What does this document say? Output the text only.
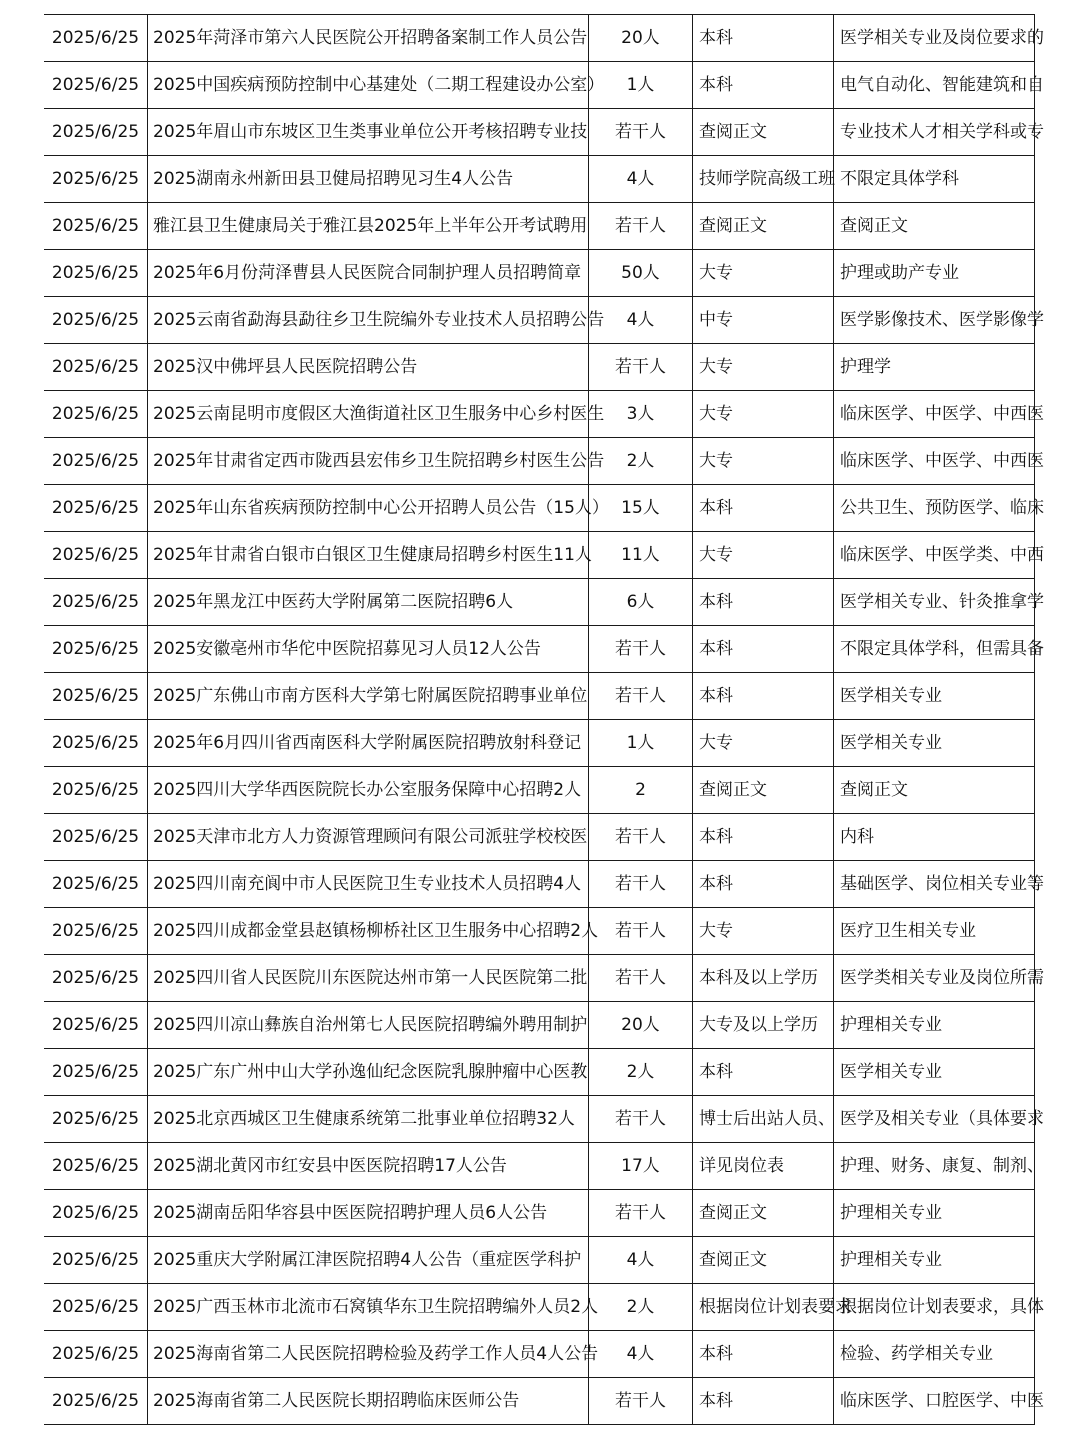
2025/6/25	2025年菏泽市第六人民医院公开招聘备案制工作人员公告	20人	本科	医学相关专业及岗位要求的
2025/6/25	2025中国疾病预防控制中心基建处（二期工程建设办公室）	1人	本科	电气自动化、智能建筑和自
2025/6/25	2025年眉山市东坡区卫生类事业单位公开考核招聘专业技	若干人	查阅正文	专业技术人才相关学科或专
2025/6/25	2025湖南永州新田县卫健局招聘见习生4人公告	4人	技师学院高级工班	不限定具体学科
2025/6/25	雅江县卫生健康局关于雅江县2025年上半年公开考试聘用	若干人	查阅正文	查阅正文
2025/6/25	2025年6月份菏泽曹县人民医院合同制护理人员招聘简章	50人	大专	护理或助产专业
2025/6/25	2025云南省勐海县勐往乡卫生院编外专业技术人员招聘公告	4人	中专	医学影像技术、医学影像学
2025/6/25	2025汉中佛坪县人民医院招聘公告	若干人	大专	护理学
2025/6/25	2025云南昆明市度假区大渔街道社区卫生服务中心乡村医生	3人	大专	临床医学、中医学、中西医
2025/6/25	2025年甘肃省定西市陇西县宏伟乡卫生院招聘乡村医生公告	2人	大专	临床医学、中医学、中西医
2025/6/25	2025年山东省疾病预防控制中心公开招聘人员公告（15人）	15人	本科	公共卫生、预防医学、临床
2025/6/25	2025年甘肃省白银市白银区卫生健康局招聘乡村医生11人	11人	大专	临床医学、中医学类、中西
2025/6/25	2025年黑龙江中医药大学附属第二医院招聘6人	6人	本科	医学相关专业、针灸推拿学
2025/6/25	2025安徽亳州市华佗中医院招募见习人员12人公告	若干人	本科	不限定具体学科，但需具备
2025/6/25	2025广东佛山市南方医科大学第七附属医院招聘事业单位	若干人	本科	医学相关专业
2025/6/25	2025年6月四川省西南医科大学附属医院招聘放射科登记	1人	大专	医学相关专业
2025/6/25	2025四川大学华西医院院长办公室服务保障中心招聘2人	2	查阅正文	查阅正文
2025/6/25	2025天津市北方人力资源管理顾问有限公司派驻学校校医	若干人	本科	内科
2025/6/25	2025四川南充阆中市人民医院卫生专业技术人员招聘4人	若干人	本科	基础医学、岗位相关专业等
2025/6/25	2025四川成都金堂县赵镇杨柳桥社区卫生服务中心招聘2人	若干人	大专	医疗卫生相关专业
2025/6/25	2025四川省人民医院川东医院达州市第一人民医院第二批	若干人	本科及以上学历	医学类相关专业及岗位所需
2025/6/25	2025四川凉山彝族自治州第七人民医院招聘编外聘用制护	20人	大专及以上学历	护理相关专业
2025/6/25	2025广东广州中山大学孙逸仙纪念医院乳腺肿瘤中心医教	2人	本科	医学相关专业
2025/6/25	2025北京西城区卫生健康系统第二批事业单位招聘32人	若干人	博士后出站人员、	医学及相关专业（具体要求
2025/6/25	2025湖北黄冈市红安县中医医院招聘17人公告	17人	详见岗位表	护理、财务、康复、制剂、
2025/6/25	2025湖南岳阳华容县中医医院招聘护理人员6人公告	若干人	查阅正文	护理相关专业
2025/6/25	2025重庆大学附属江津医院招聘4人公告（重症医学科护	4人	查阅正文	护理相关专业
2025/6/25	2025广西玉林市北流市石窝镇华东卫生院招聘编外人员2人	2人	根据岗位计划表要求	根据岗位计划表要求，具体
2025/6/25	2025海南省第二人民医院招聘检验及药学工作人员4人公告	4人	本科	检验、药学相关专业
2025/6/25	2025海南省第二人民医院长期招聘临床医师公告	若干人	本科	临床医学、口腔医学、中医
